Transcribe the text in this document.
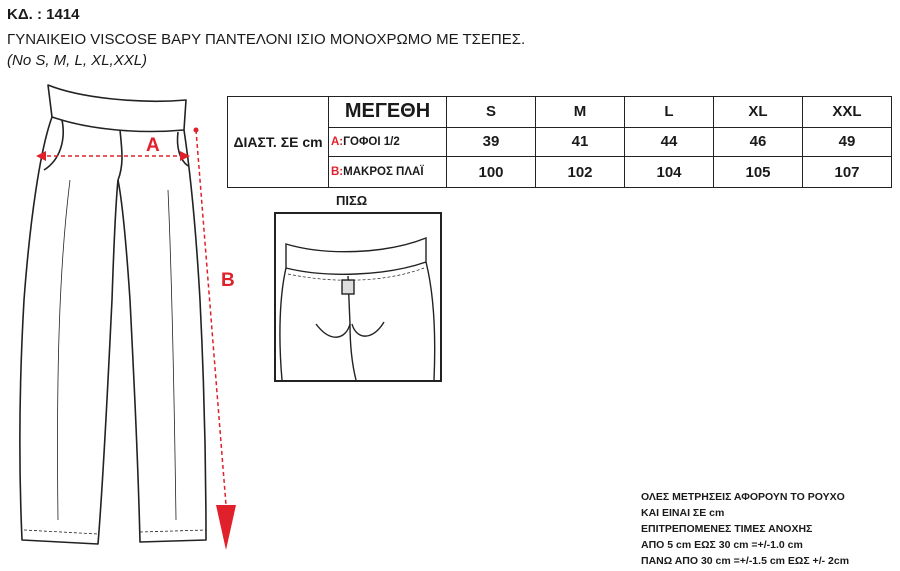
ΚΔ. : 1414
ΓΥΝΑΙΚΕΙΟ VISCOSE ΒΑΡΥ ΠΑΝΤΕΛΟΝΙ ΙΣΙΟ ΜΟΝΟΧΡΩΜΟ ΜΕ ΤΣΕΠΕΣ.
(No S, M, L, XL,XXL)
A
B
ΔΙΑΣΤ. ΣΕ cm	ΜΕΓΕΘΗ	S	M	L	XL	XXL
	A:ΓΟΦΟΙ 1/2	39	41	44	46	49
	B:ΜΑΚΡΟΣ ΠΛΑΪ	100	102	104	105	107
ΠΙΣΩ
ΟΛΕΣ ΜΕΤΡΗΣΕΙΣ ΑΦΟΡΟΥΝ ΤΟ ΡΟΥΧΟ
ΚΑΙ ΕΙΝΑΙ ΣΕ cm
ΕΠΙΤΡΕΠΟΜΕΝΕΣ ΤΙΜΕΣ ΑΝΟΧΗΣ
ΑΠΟ 5 cm ΕΩΣ 30 cm =+/-1.0 cm
ΠΑΝΩ ΑΠΟ 30 cm =+/-1.5 cm ΕΩΣ +/- 2cm
